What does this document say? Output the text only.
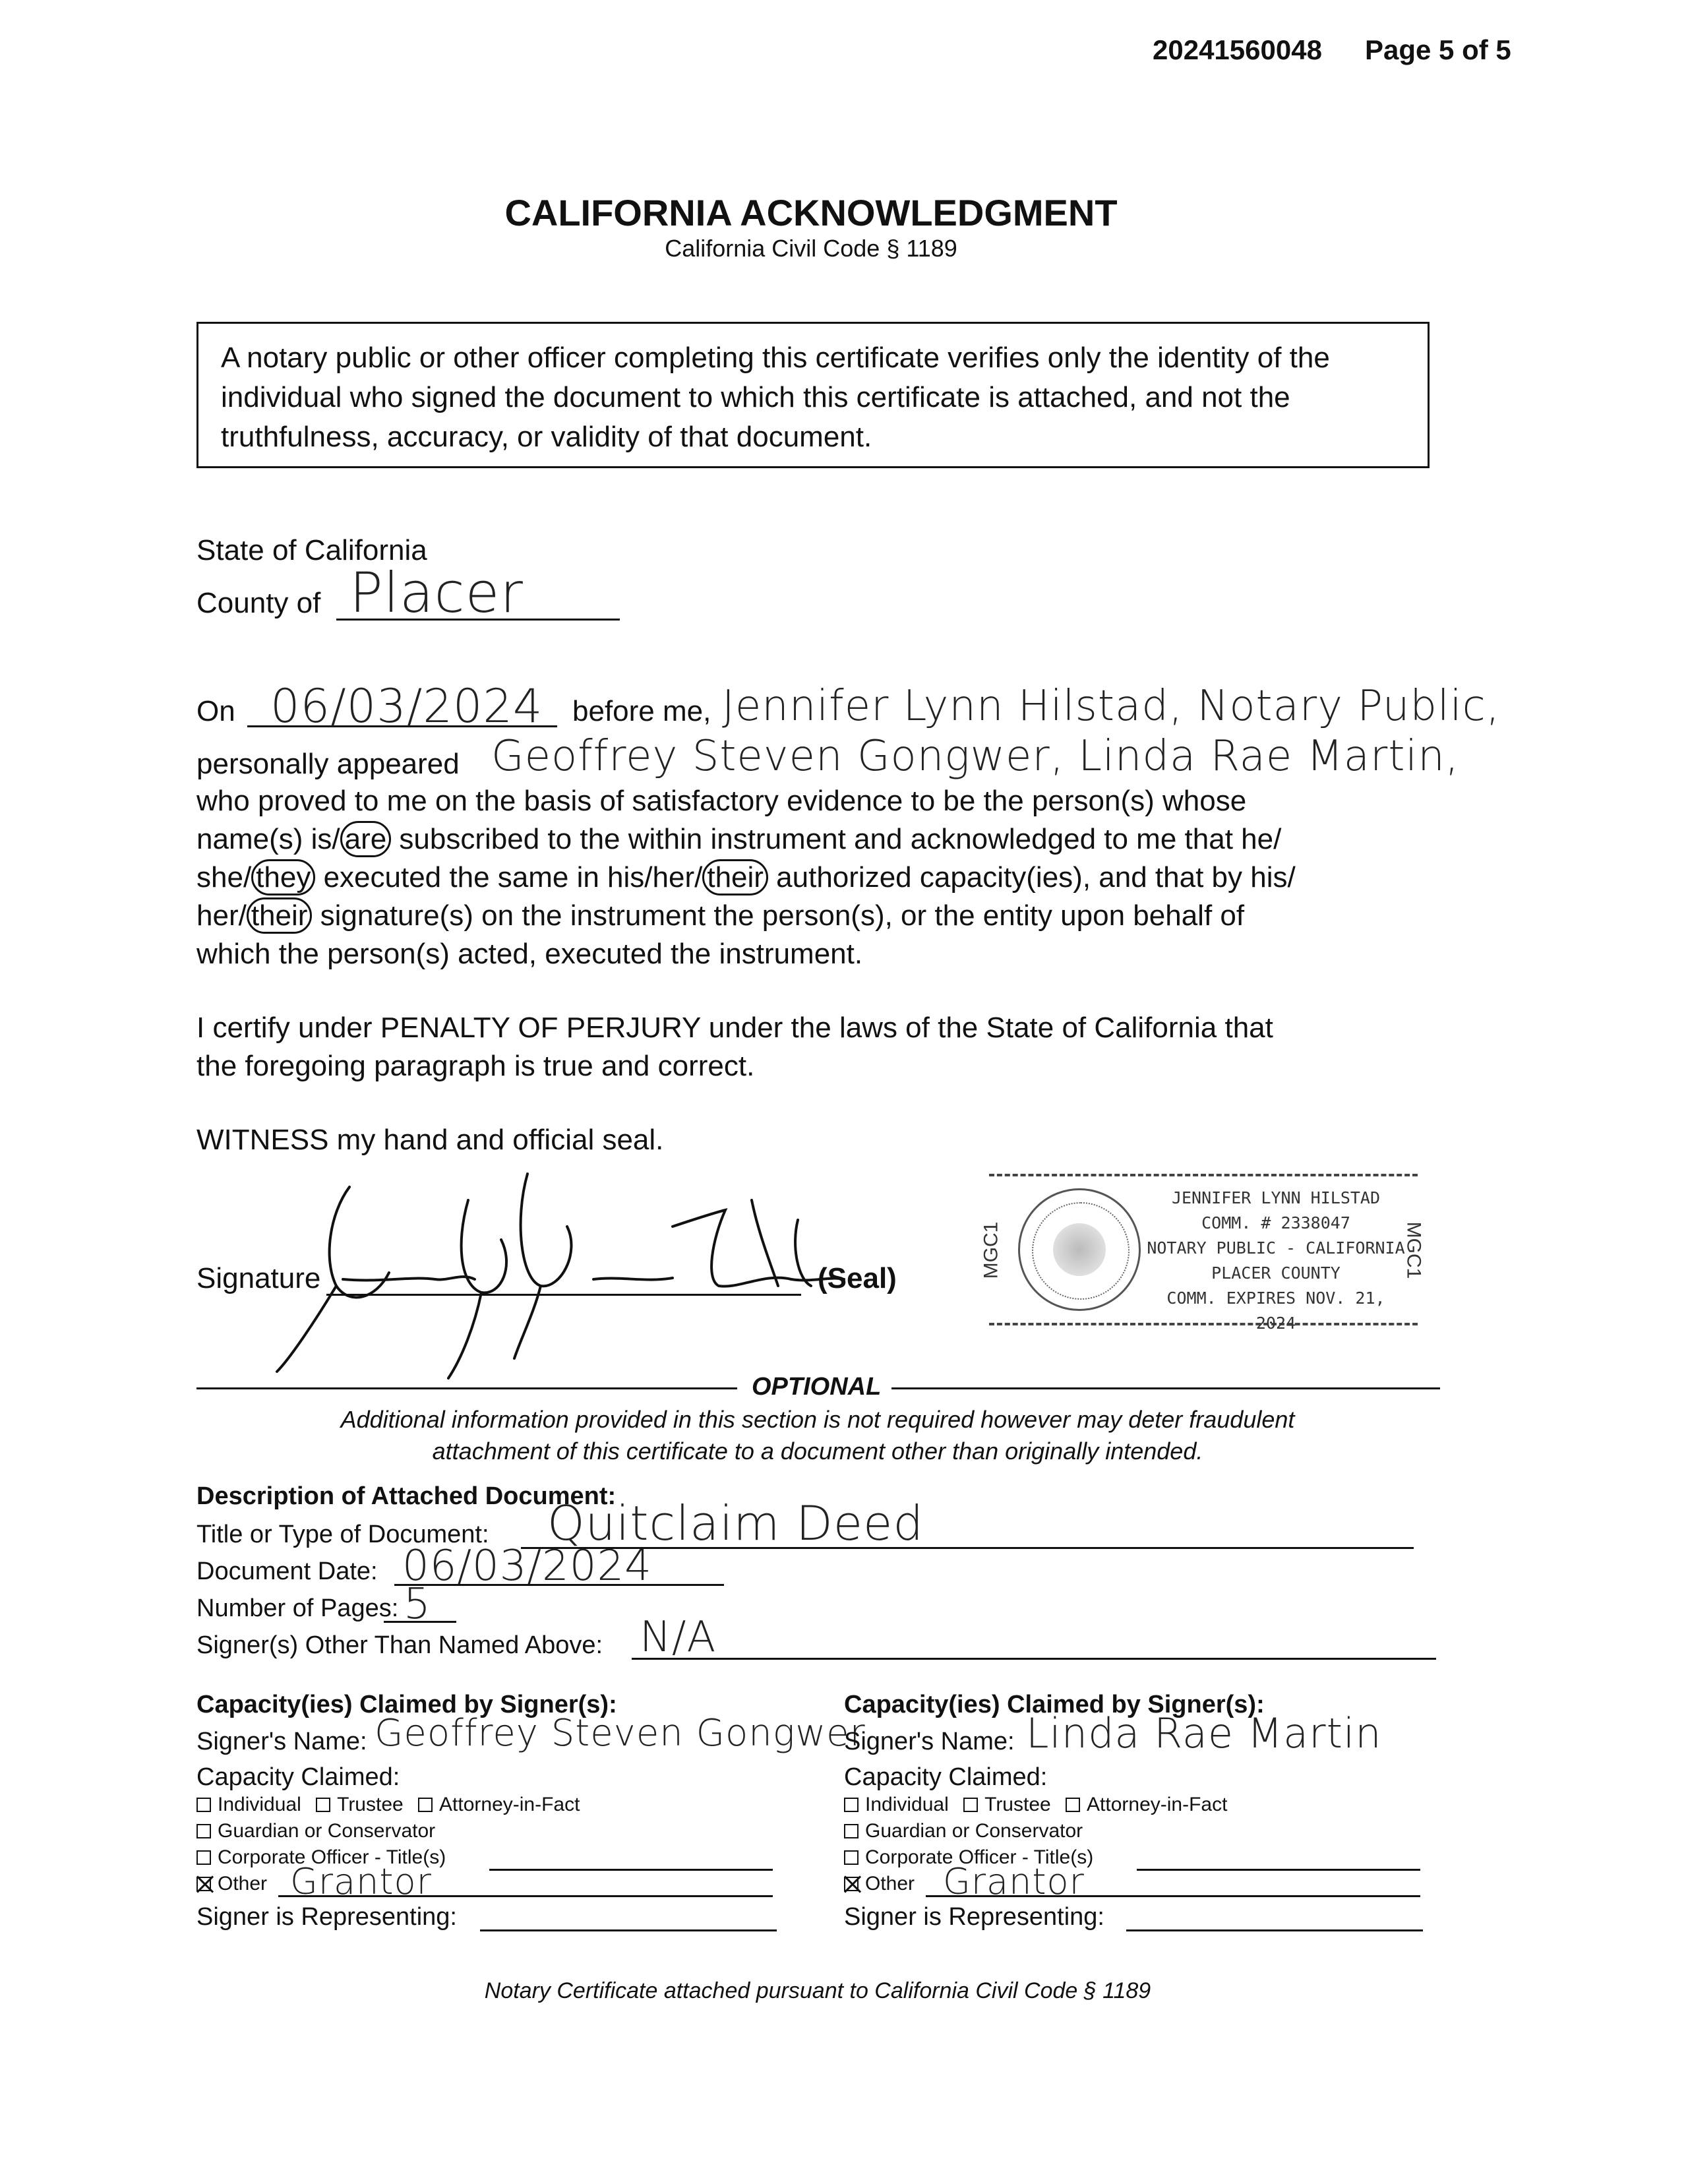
20241560048 Page 5 of 5
CALIFORNIA ACKNOWLEDGMENT
California Civil Code § 1189
A notary public or other officer completing this certificate verifies only the identity of the individual who signed the document to which this certificate is attached, and not the truthfulness, accuracy, or validity of that document.
State of California
County of Placer
On 06/03/2024 before me, Jennifer Lynn Hilstad, Notary Public,
personally appeared Geoffrey Steven Gongwer, Linda Rae Martin,
who proved to me on the basis of satisfactory evidence to be the person(s) whose
name(s) is/ are subscribed to the within instrument and acknowledged to me that he/
she/ they executed the same in his/her/ their authorized capacity(ies), and that by his/
her/ their signature(s) on the instrument the person(s), or the entity upon behalf of
which the person(s) acted, executed the instrument.
I certify under PENALTY OF PERJURY under the laws of the State of California that
the foregoing paragraph is true and correct.
WITNESS my hand and official seal.
Signature	(Seal)	MGC1	MGC1
JENNIFER LYNN HILSTAD
COMM. # 2338047
NOTARY PUBLIC - CALIFORNIA
PLACER COUNTY
COMM. EXPIRES NOV. 21, 2024
OPTIONAL
Additional information provided in this section is not required however may deter fraudulent
attachment of this certificate to a document other than originally intended.
Description of Attached Document:
Title or Type of Document: Quitclaim Deed
Document Date: 06/03/2024
Number of Pages: 5
Signer(s) Other Than Named Above: N/A
Capacity(ies) Claimed by Signer(s):
Signer's Name: Geoffrey Steven Gongwer
Capacity Claimed:
Individual Trustee Attorney-in-Fact
Guardian or Conservator
Corporate Officer - Title(s)
Other Grantor
Signer is Representing:
Capacity(ies) Claimed by Signer(s):
Signer's Name: Linda Rae Martin
Capacity Claimed:
Individual Trustee Attorney-in-Fact
Guardian or Conservator
Corporate Officer - Title(s)
Other Grantor
Signer is Representing:
Notary Certificate attached pursuant to California Civil Code § 1189
